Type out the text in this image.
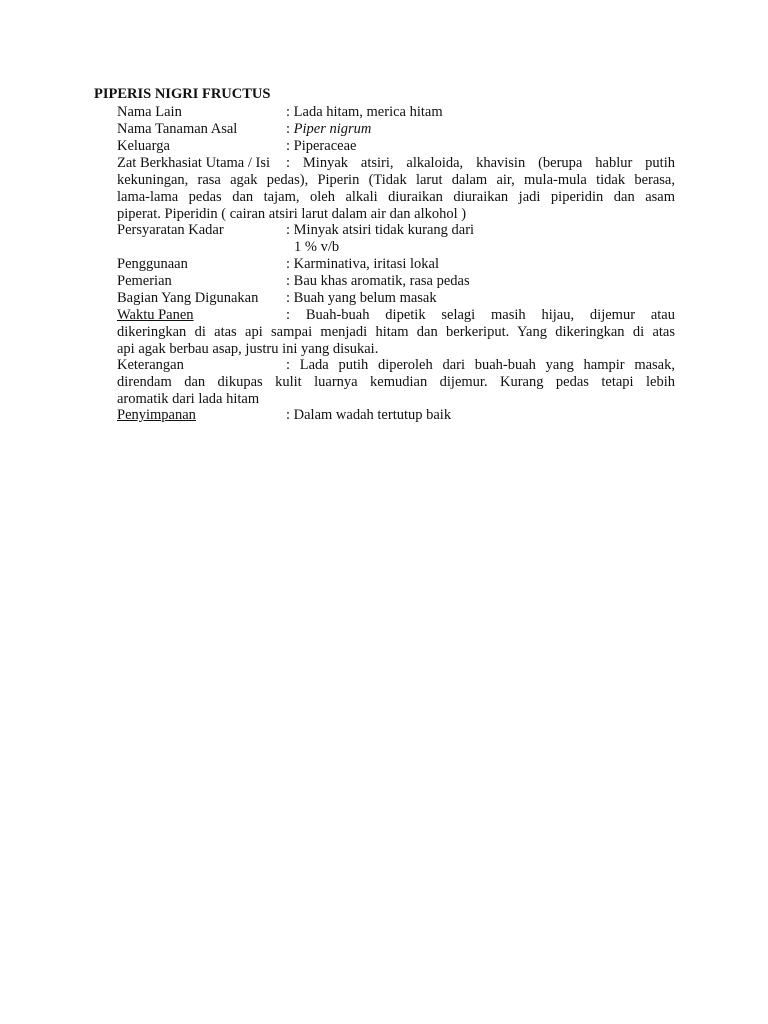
PIPERIS NIGRI FRUCTUS
Nama Lain	: Lada hitam, merica hitam
Nama Tanaman Asal	: Piper nigrum
Keluarga	: Piperaceae
Zat Berkhasiat Utama / Isi : Minyak atsiri, alkaloida, khavisin (berupa hablur putih
kekuningan, rasa agak pedas), Piperin (Tidak larut dalam air, mula-mula tidak berasa,
lama-lama pedas dan tajam, oleh alkali diuraikan diuraikan jadi piperidin dan asam
piperat. Piperidin ( cairan atsiri larut dalam air dan alkohol )
Persyaratan Kadar	: Minyak atsiri tidak kurang dari
1 % v/b
Penggunaan	: Karminativa, iritasi lokal
Pemerian	: Bau khas aromatik, rasa pedas
Bagian Yang Digunakan : Buah yang belum masak
Waktu Panen	: Buah-buah dipetik selagi masih hijau, dijemur atau
dikeringkan di atas api sampai menjadi hitam dan berkeriput. Yang dikeringkan di atas
api agak berbau asap, justru ini yang disukai.
Keterangan	: Lada putih diperoleh dari buah-buah yang hampir masak,
direndam dan dikupas kulit luarnya kemudian dijemur. Kurang pedas tetapi lebih
aromatik dari lada hitam
Penyimpanan	: Dalam wadah tertutup baik
